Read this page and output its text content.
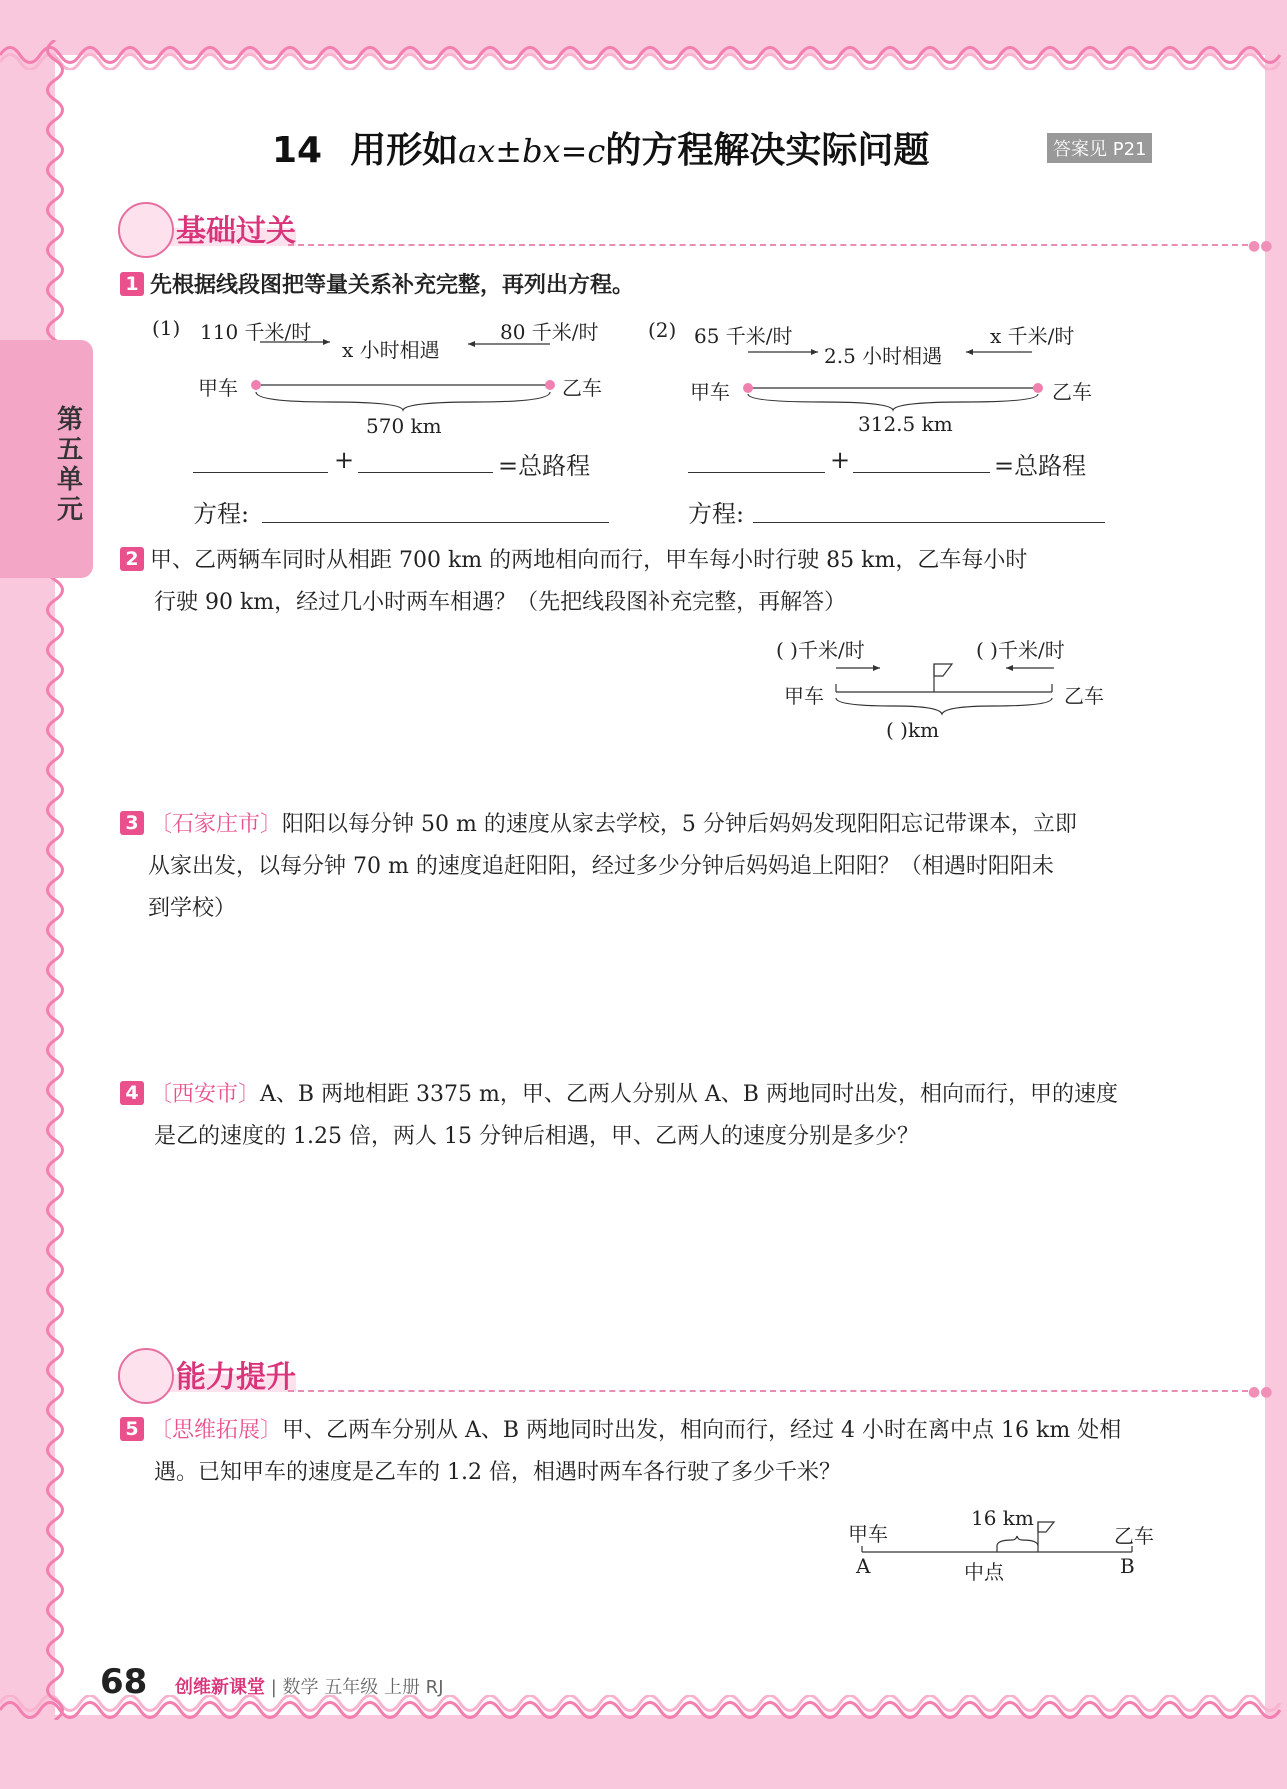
第五单元
14 用形如ax±bx=c的方程解决实际问题	答案见 P21
基础过关	●●
1 先根据线段图把等量关系补充完整，再列出方程。
(1) 110 千米/时
x 小时相遇
80 千米/时
甲车	乙车
570 km
+	=总路程
方程:
(2) 65 千米/时
2.5 小时相遇
x 千米/时
甲车	乙车
312.5 km
+	=总路程
方程:
2 甲、乙两辆车同时从相距 700 km 的两地相向而行，甲车每小时行驶 85 km，乙车每小时
行驶 90 km，经过几小时两车相遇？（先把线段图补充完整，再解答）
( )千米/时	( )千米/时
甲车	乙车
( )km
3 〔石家庄市〕阳阳以每分钟 50 m 的速度从家去学校，5 分钟后妈妈发现阳阳忘记带课本，立即
从家出发，以每分钟 70 m 的速度追赶阳阳，经过多少分钟后妈妈追上阳阳？（相遇时阳阳未
到学校）
4 〔西安市〕A、B 两地相距 3375 m，甲、乙两人分别从 A、B 两地同时出发，相向而行，甲的速度
是乙的速度的 1.25 倍，两人 15 分钟后相遇，甲、乙两人的速度分别是多少？
能力提升	●●
5 〔思维拓展〕甲、乙两车分别从 A、B 两地同时出发，相向而行，经过 4 小时在离中点 16 km 处相
遇。已知甲车的速度是乙车的 1.2 倍，相遇时两车各行驶了多少千米？
甲车	乙车
16 km
A	中点	B
68 创维新课堂 | 数学 五年级 上册 RJ
